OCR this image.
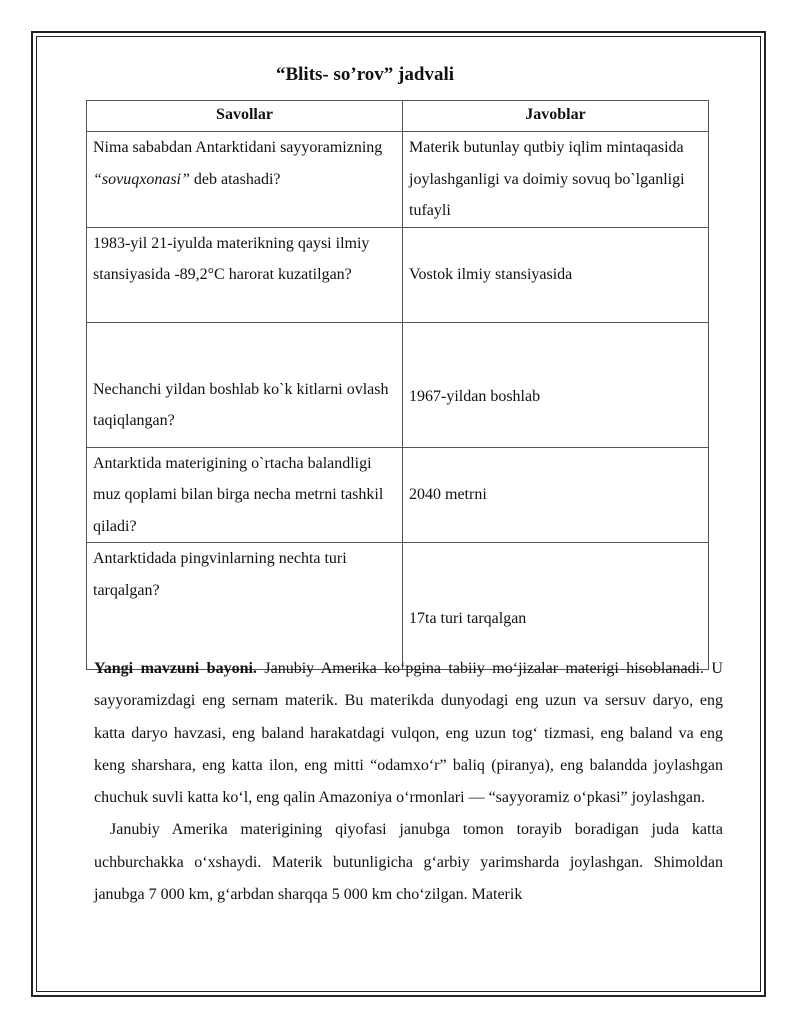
“Blits- so’rov” jadvali
Savollar	Javoblar
Nima sababdan Antarktidani sayyoramizning “sovuqxonasi” deb atashadi?	Materik butunlay qutbiy iqlim mintaqasida joylashganligi va doimiy sovuq bo`lganligi tufayli
1983-yil 21-iyulda materikning qaysi ilmiy stansiyasida -89,2°C harorat kuzatilgan?	Vostok ilmiy stansiyasida
Nechanchi yildan boshlab ko`k kitlarni ovlash taqiqlangan?	1967-yildan boshlab
Antarktida materigining o`rtacha balandligi muz qoplami bilan birga necha metrni tashkil qiladi?	2040 metrni
Antarktidada pingvinlarning nechta turi tarqalgan?	17ta turi tarqalgan

Yangi mavzuni bayoni. Janubiy Amerika ko‘pgina tabiiy mo‘jizalar materigi hisoblanadi. U sayyoramizdagi eng sernam materik. Bu materikda dunyodagi eng uzun va sersuv daryo, eng katta daryo havzasi, eng baland harakatdagi vulqon, eng uzun tog‘ tizmasi, eng baland va eng keng sharshara, eng katta ilon, eng mitti “odamxo‘r” baliq (piranya), eng balandda joylashgan chuchuk suvli katta ko‘l, eng qalin Amazoniya o‘rmonlari — “sayyoramiz o‘pkasi” joylashgan.

Janubiy Amerika materigining qiyofasi janubga tomon torayib boradigan juda katta uchburchakka o‘xshaydi. Materik butunligicha g‘arbiy yarimsharda joylashgan. Shimoldan janubga 7 000 km, g‘arbdan sharqqa 5 000 km cho‘zilgan. Materik
